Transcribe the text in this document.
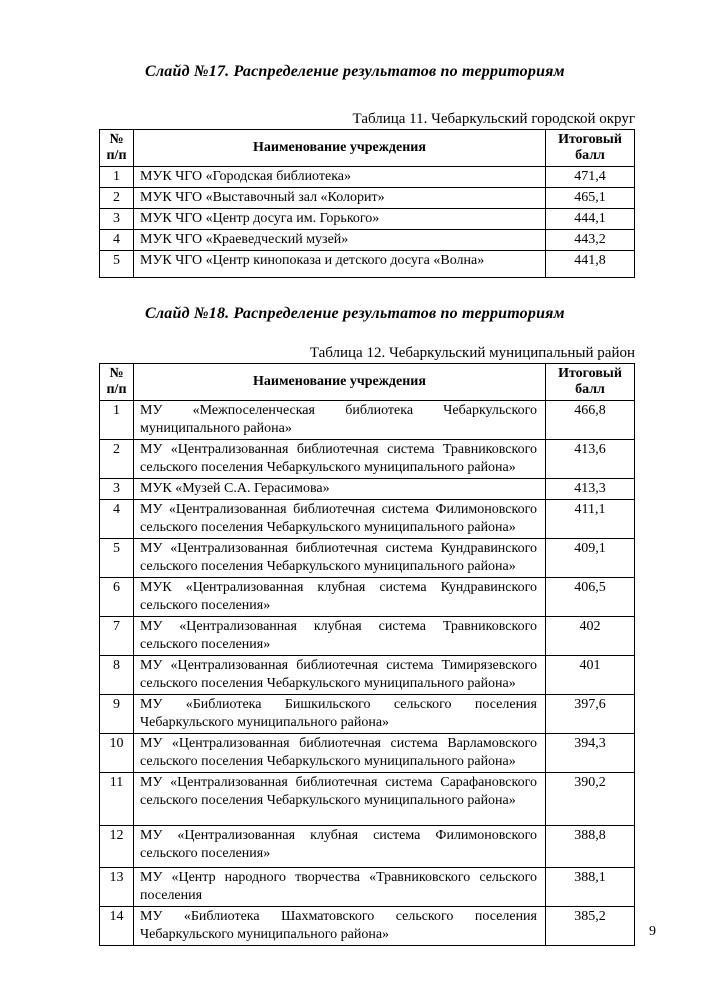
Слайд №17. Распределение результатов по территориям
Таблица 11. Чебаркульский городской округ
№ п/п	Наименование учреждения	Итоговый балл
1	МУК ЧГО «Городская библиотека»	471,4
2	МУК ЧГО «Выставочный зал «Колорит»	465,1
3	МУК ЧГО «Центр досуга им. Горького»	444,1
4	МУК ЧГО «Краеведческий музей»	443,2
5	МУК ЧГО «Центр кинопоказа и детского досуга «Волна»	441,8
Слайд №18. Распределение результатов по территориям
Таблица 12. Чебаркульский муниципальный район
№ п/п	Наименование учреждения	Итоговый балл
1	МУ «Межпоселенческая библиотека Чебаркульского муниципального района»	466,8
2	МУ «Централизованная библиотечная система Травниковского сельского поселения Чебаркульского муниципального района»	413,6
3	МУК «Музей С.А. Герасимова»	413,3
4	МУ «Централизованная библиотечная система Филимоновского сельского поселения Чебаркульского муниципального района»	411,1
5	МУ «Централизованная библиотечная система Кундравинского сельского поселения Чебаркульского муниципального района»	409,1
6	МУК «Централизованная клубная система Кундравинского сельского поселения»	406,5
7	МУ «Централизованная клубная система Травниковского сельского поселения»	402
8	МУ «Централизованная библиотечная система Тимирязевского сельского поселения Чебаркульского муниципального района»	401
9	МУ «Библиотека Бишкильского сельского поселения Чебаркульского муниципального района»	397,6
10	МУ «Централизованная библиотечная система Варламовского сельского поселения Чебаркульского муниципального района»	394,3
11	МУ «Централизованная библиотечная система Сарафановского сельского поселения Чебаркульского муниципального района»	390,2
12	МУ «Централизованная клубная система Филимоновского сельского поселения»	388,8
13	МУ «Центр народного творчества «Травниковского сельского поселения	388,1
14	МУ «Библиотека Шахматовского сельского поселения Чебаркульского муниципального района»	385,2
9
